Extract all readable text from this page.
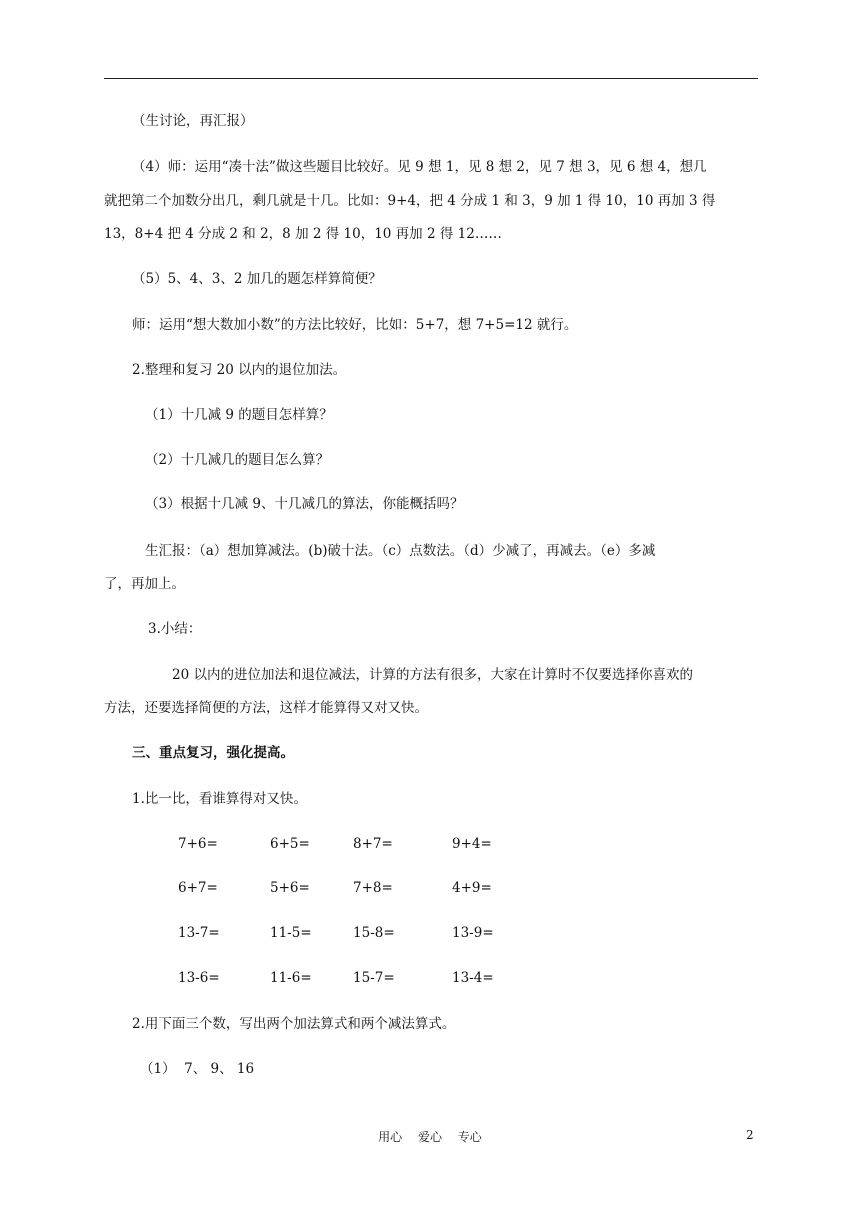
（生讨论，再汇报）
（4）师：运用“凑十法”做这些题目比较好。见 9 想 1，见 8 想 2，见 7 想 3，见 6 想 4，想几
就把第二个加数分出几，剩几就是十几。比如：9+4，把 4 分成 1 和 3，9 加 1 得 10，10 再加 3 得
13，8+4 把 4 分成 2 和 2，8 加 2 得 10，10 再加 2 得 12……
（5）5、4、3、2 加几的题怎样算简便？
师：运用“想大数加小数”的方法比较好，比如：5+7，想 7+5=12 就行。
2.整理和复习 20 以内的退位加法。
（1）十几减 9 的题目怎样算？
（2）十几减几的题目怎么算？
（3）根据十几减 9、十几减几的算法，你能概括吗？
生汇报：（a）想加算减法。(b)破十法。（c）点数法。（d）少减了，再减去。（e）多减
了，再加上。
3.小结：
20 以内的进位加法和退位减法，计算的方法有很多，大家在计算时不仅要选择你喜欢的
方法，还要选择简便的方法，这样才能算得又对又快。
三、重点复习，强化提高。
1.比一比，看谁算得对又快。
7+6=	6+5=	8+7=	9+4=
6+7=	5+6=	7+8=	4+9=
13-7=	11-5=	15-8=	13-9=
13-6=	11-6=	15-7=	13-4=
2.用下面三个数，写出两个加法算式和两个减法算式。
（1）  7、 9、 16
用心 爱心 专心	2
